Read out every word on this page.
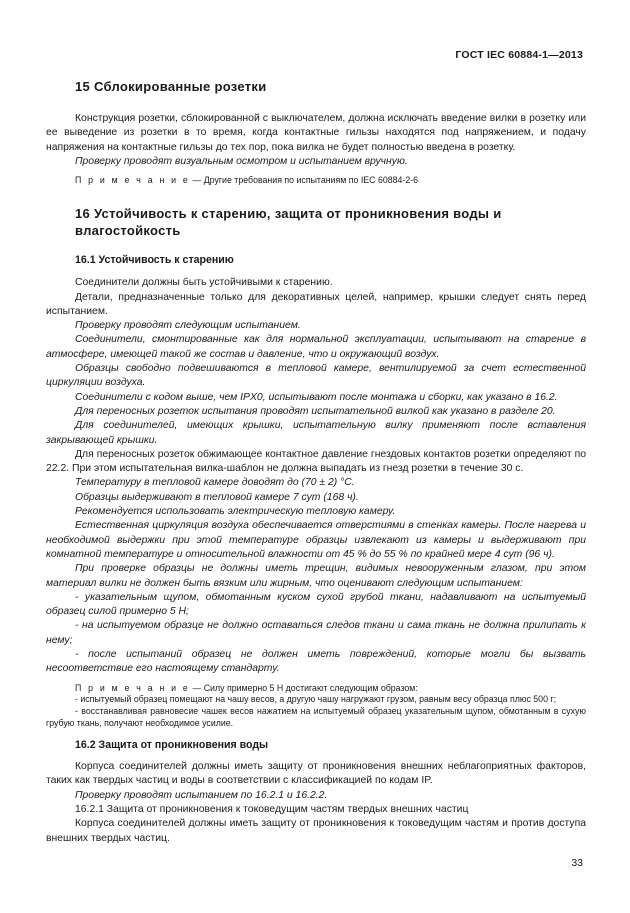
ГОСТ IEC 60884-1—2013
15 Сблокированные розетки

Конструкция розетки, сблокированной с выключателем, должна исключать введение вилки в розетку или ее выведение из розетки в то время, когда контактные гильзы находятся под напряжением, и подачу напряжения на контактные гильзы до тех пор, пока вилка не будет полностью введена в розетку.

Проверку проводят визуальным осмотром и испытанием вручную.

П р и м е ч а н и е — Другие требования по испытаниям по IEC 60884-2-6

16 Устойчивость к старению, защита от проникновения воды и
влагостойкость
16.1 Устойчивость к старению

Соединители должны быть устойчивыми к старению.

Детали, предназначенные только для декоративных целей, например, крышки следует снять перед испытанием.

Проверку проводят следующим испытанием.

Соединители, смонтированные как для нормальной эксплуатации, испытывают на старение в атмосфере, имеющей такой же состав и давление, что и окружающий воздух.

Образцы свободно подвешиваются в тепловой камере, вентилируемой за счет естественной циркуляции воздуха.

Соединители с кодом выше, чем IPX0, испытывают после монтажа и сборки, как указано в 16.2.

Для переносных розеток испытания проводят испытательной вилкой как указано в разделе 20.

Для соединителей, имеющих крышки, испытательную вилку применяют после вставления закрывающей крышки.

Для переносных розеток обжимающее контактное давление гнездовых контактов розетки определяют по 22.2. При этом испытательная вилка-шаблон не должна выпадать из гнезд розетки в течение 30 с.

Температуру в тепловой камере доводят до (70 ± 2) °C.

Образцы выдерживают в тепловой камере 7 сут (168 ч).

Рекомендуется использовать электрическую тепловую камеру.

Естественная циркуляция воздуха обеспечивается отверстиями в стенках камеры. После нагрева и необходимой выдержки при этой температуре образцы извлекают из камеры и выдерживают при комнатной температуре и относительной влажности от 45 % до 55 % по крайней мере 4 сут (96 ч).

При проверке образцы не должны иметь трещин, видимых невооруженным глазом, при этом материал вилки не должен быть вязким или жирным, что оценивают следующим испытанием:

- указательным щупом, обмотанным куском сухой грубой ткани, надавливают на испытуемый образец силой примерно 5 Н;

- на испытуемом образце не должно оставаться следов ткани и сама ткань не должна прилипать к нему;

- после испытаний образец не должен иметь повреждений, которые могли бы вызвать несоответствие его настоящему стандарту.

П р и м е ч а н и е — Силу примерно 5 Н достигают следующим образом:

- испытуемый образец помещают на чашу весов, а другую чашу нагружают грузом, равным весу образца плюс 500 г;

- восстанавливая равновесие чашек весов нажатием на испытуемый образец указательным щупом, обмотанным в сухую грубую ткань, получают необходимое усилие.

16.2 Защита от проникновения воды

Корпуса соединителей должны иметь защиту от проникновения внешних неблагоприятных факторов, таких как твердых частиц и воды в соответствии с классификацией по кодам IP.

Проверку проводят испытанием по 16.2.1 и 16.2.2.

16.2.1 Защита от проникновения к токоведущим частям твердых внешних частиц

Корпуса соединителей должны иметь защиту от проникновения к токоведущим частям и против доступа внешних твердых частиц.

33
